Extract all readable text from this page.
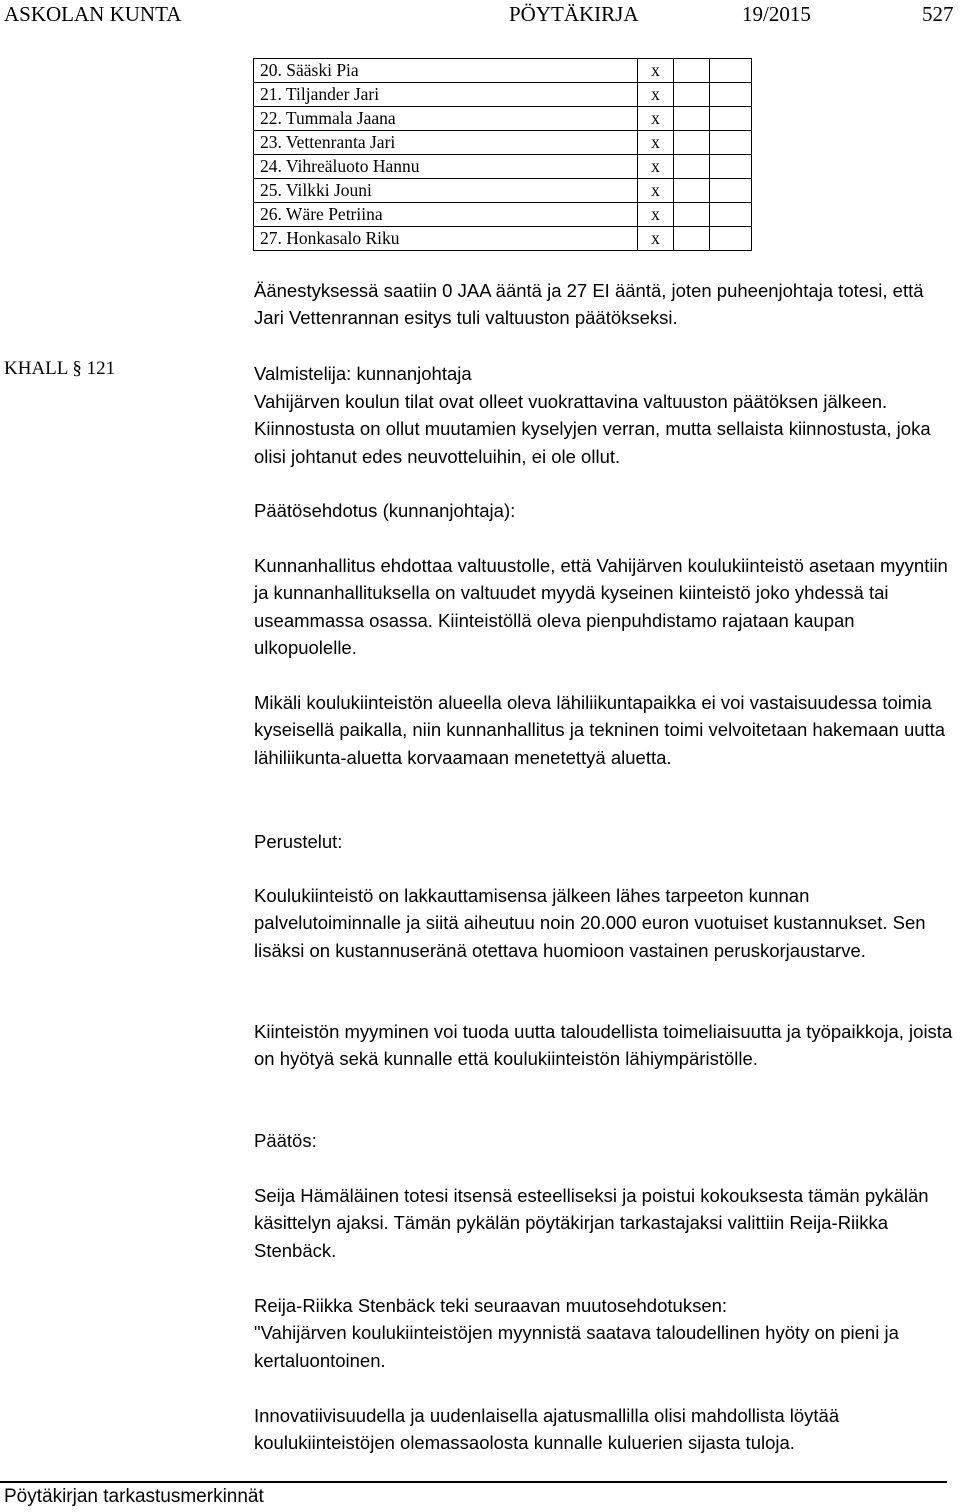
ASKOLAN KUNTA	PÖYTÄKIRJA	19/2015	527
20. Sääski Pia	x		
21. Tiljander Jari	x		
22. Tummala Jaana	x		
23. Vettenranta Jari	x		
24. Vihreäluoto Hannu	x		
25. Vilkki Jouni	x		
26. Wäre Petriina	x		
27. Honkasalo Riku	x		
Äänestyksessä saatiin 0 JAA ääntä ja 27 EI ääntä, joten puheenjohtaja totesi, että Jari Vettenrannan esitys tuli valtuuston päätökseksi.
KHALL § 121	Valmistelija: kunnanjohtaja
Vahijärven koulun tilat ovat olleet vuokrattavina valtuuston päätöksen jälkeen. Kiinnostusta on ollut muutamien kyselyjen verran, mutta sellaista kiinnostusta, joka olisi johtanut edes neuvotteluihin, ei ole ollut.
Päätösehdotus (kunnanjohtaja):
Kunnanhallitus ehdottaa valtuustolle, että Vahijärven koulukiinteistö asetaan myyntiin ja kunnanhallituksella on valtuudet myydä kyseinen kiinteistö joko yhdessä tai useammassa osassa. Kiinteistöllä oleva pienpuhdistamo rajataan kaupan ulkopuolelle.
Mikäli koulukiinteistön alueella oleva lähiliikuntapaikka ei voi vastaisuudessa toimia kyseisellä paikalla, niin kunnanhallitus ja tekninen toimi velvoitetaan hakemaan uutta lähiliikunta-aluetta korvaamaan menetettyä aluetta.
Perustelut:
Koulukiinteistö on lakkauttamisensa jälkeen lähes tarpeeton kunnan palvelutoiminnalle ja siitä aiheutuu noin 20.000 euron vuotuiset kustannukset. Sen lisäksi on kustannuseränä otettava huomioon vastainen peruskorjaustarve.
Kiinteistön myyminen voi tuoda uutta taloudellista toimeliaisuutta ja työpaikkoja, joista on hyötyä sekä kunnalle että koulukiinteistön lähiympäristölle.
Päätös:
Seija Hämäläinen totesi itsensä esteelliseksi ja poistui kokouksesta tämän pykälän käsittelyn ajaksi. Tämän pykälän pöytäkirjan tarkastajaksi valittiin Reija-Riikka Stenbäck.
Reija-Riikka Stenbäck teki seuraavan muutosehdotuksen:
"Vahijärven koulukiinteistöjen myynnistä saatava taloudellinen hyöty on pieni ja kertaluontoinen.
Innovatiivisuudella ja uudenlaisella ajatusmallilla olisi mahdollista löytää koulukiinteistöjen olemassaolosta kunnalle kuluerien sijasta tuloja.
Pöytäkirjan tarkastusmerkinnät
